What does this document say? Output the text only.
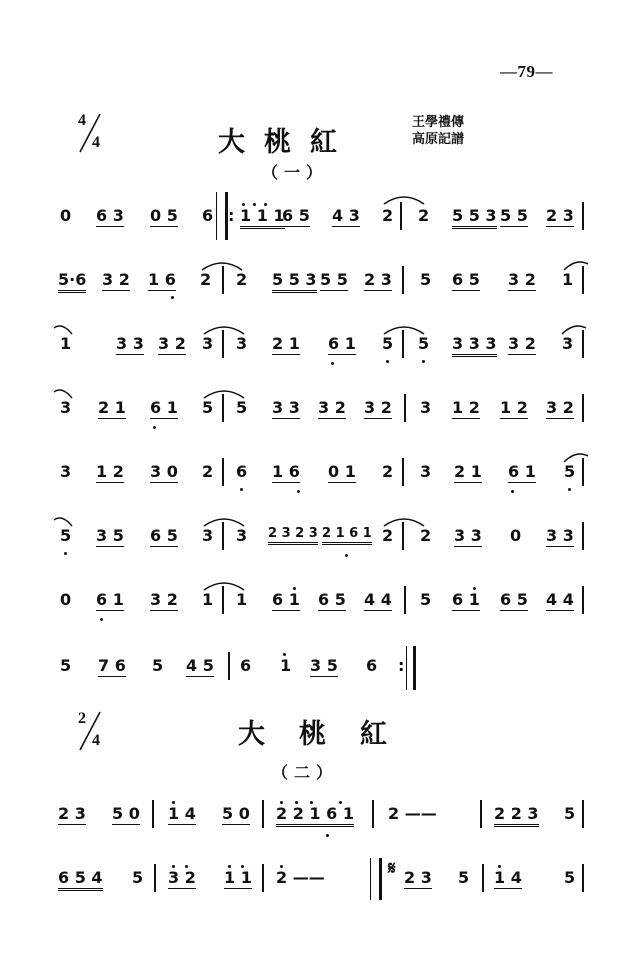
—79—
4
4	大桃紅
王學禮傳
高原記譜
（一）
0 6 3 0 5 6 : 1 1 1
6 5 4 3 2 2 5 5 3 5 5 2 3
5·6 3 2 1 6 2 2 5 5 3 5 5 2 3 5 6 5 3 2 1
1	3 3 3 2 3 3 2 1 6 1 5 5 3 3 3 3 2 3
3 2 1 6 1 5 5 3 3 3 2 3 2 3 1 2 1 2 3 2
3 1 2 3 0 2 6 1 6 0 1 2 3 2 1 6 1 5
5 3 5 6 5 3 3 2 3 2 3 2 1 6 1 2 2 3 3 0 3 3
0 6 1 3 2 1 1 6 1 6 5 4 4 5 6 1 6 5 4 4
5 7 6 5 4 5 6 1 3 5 6 :
2
4	大桃紅
（二）
2 3 5 0 1 4 5 0 2 2 1 6 1 2 ——	2 2 3 5
6 5 4 5 3 2 1 1 2 ——	𝄋 2 3 5 1 4	5
